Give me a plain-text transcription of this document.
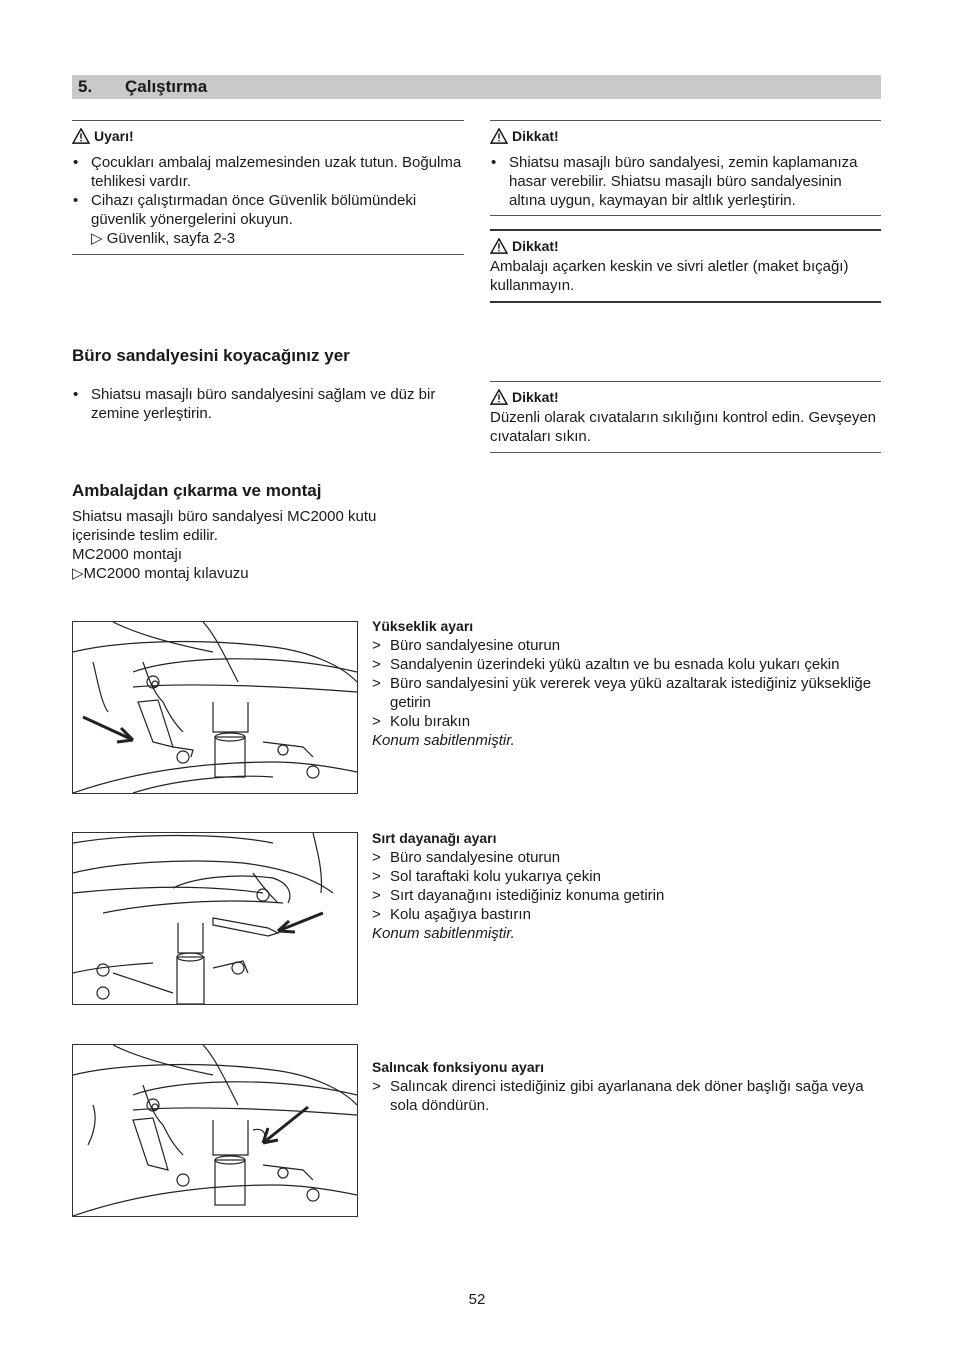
5. Çalıştırma
Uyarı!
• Çocukları ambalaj malzemesinden uzak tutun. Boğulma tehlikesi vardır.
• Cihazı çalıştırmadan önce Güvenlik bölümündeki güvenlik yönergelerini okuyun.
▷ Güvenlik, sayfa 2-3
Dikkat!
• Shiatsu masajlı büro sandalyesi, zemin kaplamanıza hasar verebilir. Shiatsu masajlı büro sandalyesinin altına uygun, kaymayan bir altlık yerleştirin.
Dikkat!
Ambalajı açarken keskin ve sivri aletler (maket bıçağı) kullanmayın.
Büro sandalyesini koyacağınız yer
• Shiatsu masajlı büro sandalyesini sağlam ve düz bir zemine yerleştirin.
Dikkat!
Düzenli olarak cıvataların sıkılığını kontrol edin. Gevşeyen cıvataları sıkın.
Ambalajdan çıkarma ve montaj
Shiatsu masajlı büro sandalyesi MC2000 kutu
içerisinde teslim edilir.
MC2000 montajı
▷MC2000 montaj kılavuzu
Yükseklik ayarı
> Büro sandalyesine oturun
> Sandalyenin üzerindeki yükü azaltın ve bu esnada kolu yukarı çekin
> Büro sandalyesini yük vererek veya yükü azaltarak istediğiniz yüksekliğe getirin
> Kolu bırakın
Konum sabitlenmiştir.
Sırt dayanağı ayarı
> Büro sandalyesine oturun
> Sol taraftaki kolu yukarıya çekin
> Sırt dayanağını istediğiniz konuma getirin
> Kolu aşağıya bastırın
Konum sabitlenmiştir.
Salıncak fonksiyonu ayarı
> Salıncak direnci istediğiniz gibi ayarlanana dek döner başlığı sağa veya sola döndürün.
52
